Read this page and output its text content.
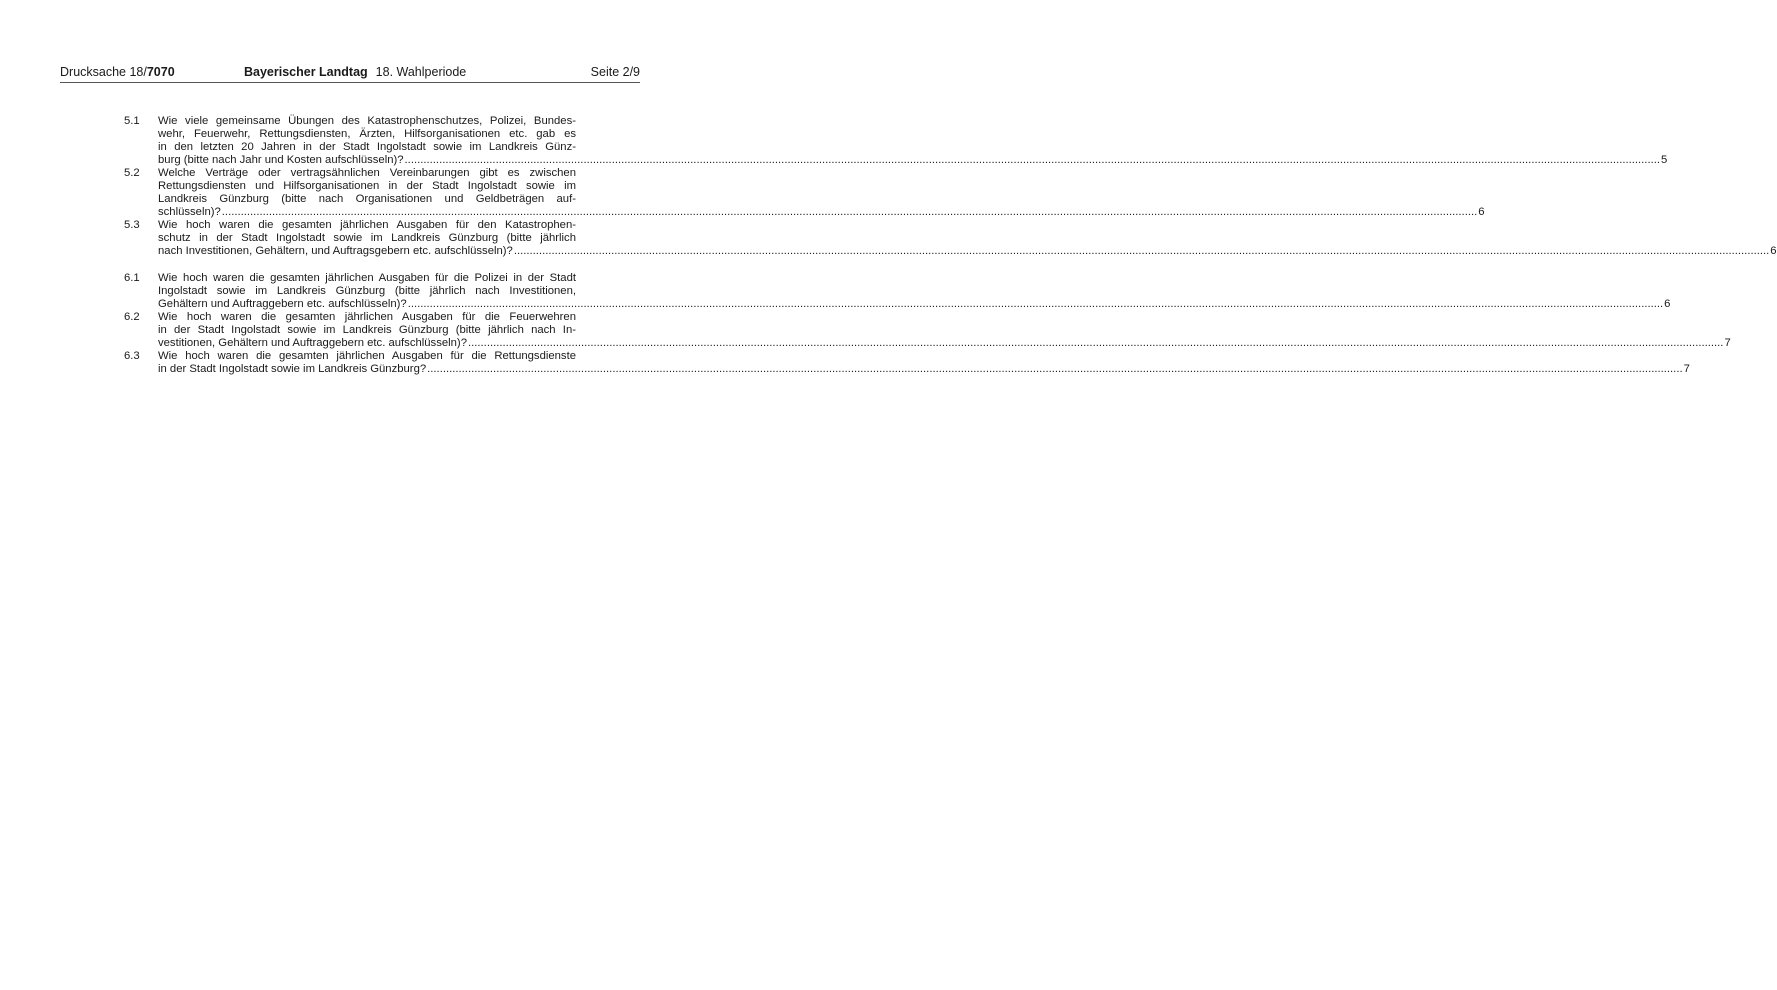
Drucksache 18/7070	Bayerischer Landtag 18. Wahlperiode	Seite 2/9
5.1 Wie viele gemeinsame Übungen des Katastrophenschutzes, Polizei, Bundes-
wehr, Feuerwehr, Rettungsdiensten, Ärzten, Hilfsorganisationen etc. gab es
in den letzten 20 Jahren in der Stadt Ingolstadt sowie im Landkreis Günz-
burg (bitte nach Jahr und Kosten aufschlüsseln)? ................................................................................................................................................................................................................................................................................................................................................................................................................ 5
5.2 Welche Verträge oder vertragsähnlichen Vereinbarungen gibt es zwischen
Rettungsdiensten und Hilfsorganisationen in der Stadt Ingolstadt sowie im
Landkreis Günzburg (bitte nach Organisationen und Geldbeträgen auf-
schlüsseln)? ................................................................................................................................................................................................................................................................................................................................................................................................................ 6
5.3 Wie hoch waren die gesamten jährlichen Ausgaben für den Katastrophen-
schutz in der Stadt Ingolstadt sowie im Landkreis Günzburg (bitte jährlich
nach Investitionen, Gehältern, und Auftragsgebern etc. aufschlüsseln)? ................................................................................................................................................................................................................................................................................................................................................................................................................ 6
6.1 Wie hoch waren die gesamten jährlichen Ausgaben für die Polizei in der Stadt
Ingolstadt sowie im Landkreis Günzburg (bitte jährlich nach Investitionen,
Gehältern und Auftraggebern etc. aufschlüsseln)? ................................................................................................................................................................................................................................................................................................................................................................................................................ 6
6.2 Wie hoch waren die gesamten jährlichen Ausgaben für die Feuerwehren
in der Stadt Ingolstadt sowie im Landkreis Günzburg (bitte jährlich nach In-
vestitionen, Gehältern und Auftraggebern etc. aufschlüsseln)? ................................................................................................................................................................................................................................................................................................................................................................................................................ 7
6.3 Wie hoch waren die gesamten jährlichen Ausgaben für die Rettungsdienste
in der Stadt Ingolstadt sowie im Landkreis Günzburg? ................................................................................................................................................................................................................................................................................................................................................................................................................ 7
